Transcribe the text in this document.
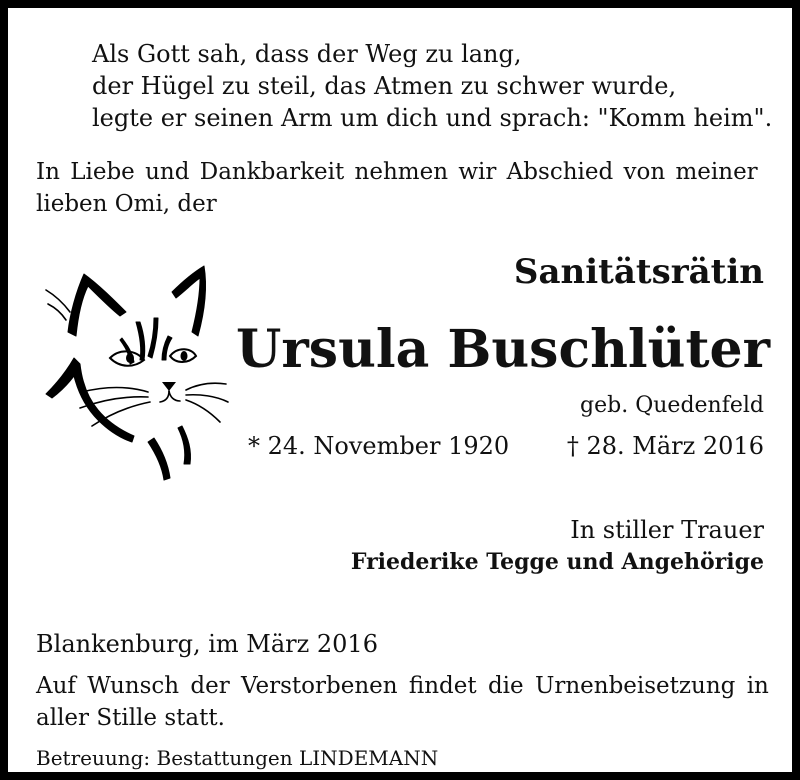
Als Gott sah, dass der Weg zu lang,
der Hügel zu steil, das Atmen zu schwer wurde,
legte er seinen Arm um dich und sprach: "Komm heim".
In Liebe und Dankbarkeit nehmen wir Abschied von meiner
lieben Omi, der
Sanitätsrätin
Ursula Buschlüter
geb. Quedenfeld
* 24. November 1920 † 28. März 2016
In stiller Trauer
Friederike Tegge und Angehörige
Blankenburg, im März 2016
Auf Wunsch der Verstorbenen findet die Urnenbeisetzung in
aller Stille statt.
Betreuung: Bestattungen LINDEMANN
